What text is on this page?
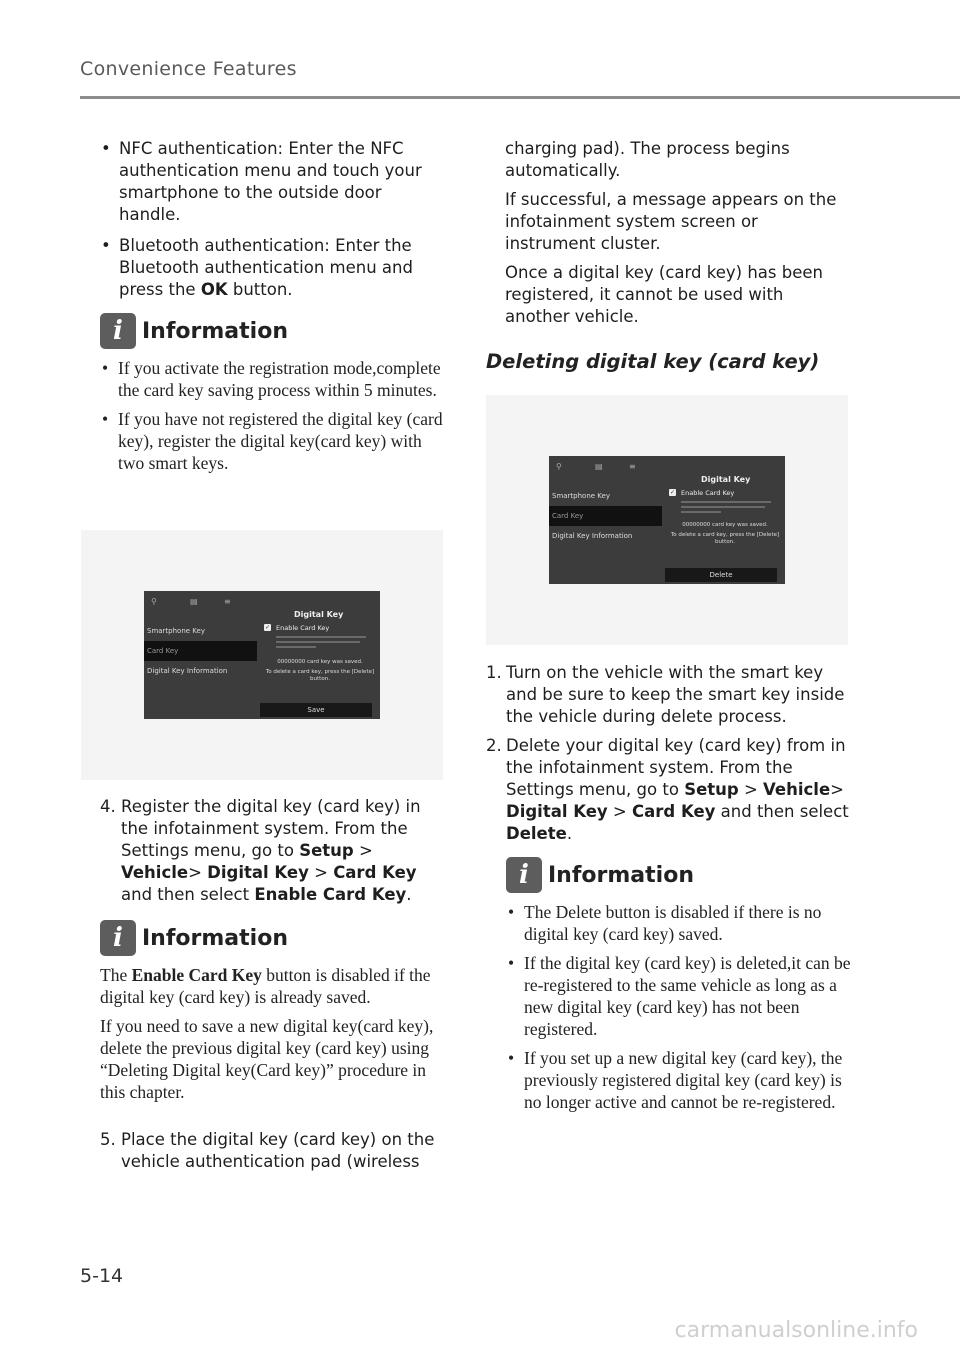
Convenience Features
• NFC authentication: Enter the NFC authentication menu and touch your smartphone to the outside door handle.
• Bluetooth authentication: Enter the Bluetooth authentication menu and press the OK button.
i Information
• If you activate the registration mode,complete the card key saving process within 5 minutes.
• If you have not registered the digital key (card key), register the digital key(card key) with two smart keys.
⚲	▤	≡
Smartphone Key
Card Key
Digital Key Information
Digital Key
✓ Enable Card Key
00000000 card key was saved.
To delete a card key, press the [Delete] button.
Save
4. Register the digital key (card key) in the infotainment system. From the Settings menu, go to Setup > Vehicle> Digital Key > Card Key and then select Enable Card Key.
i Information

The Enable Card Key button is disabled if the digital key (card key) is already saved.

If you need to save a new digital key(card key), delete the previous digital key (card key) using “Deleting Digital key(Card key)” procedure in this chapter.

5. Place the digital key (card key) on the vehicle authentication pad (wireless

charging pad). The process begins automatically.

If successful, a message appears on the infotainment system screen or instrument cluster.

Once a digital key (card key) has been registered, it cannot be used with another vehicle.

Deleting digital key (card key)
⚲	▤	≡
Smartphone Key
Card Key
Digital Key Information
Digital Key
✓ Enable Card Key
00000000 card key was saved.
To delete a card key, press the [Delete] button.
Delete
1. Turn on the vehicle with the smart key and be sure to keep the smart key inside the vehicle during delete process.
2. Delete your digital key (card key) from in the infotainment system. From the Settings menu, go to Setup > Vehicle> Digital Key > Card Key and then select Delete.
i Information
• The Delete button is disabled if there is no digital key (card key) saved.
• If the digital key (card key) is deleted,it can be re-registered to the same vehicle as long as a new digital key (card key) has not been registered.
• If you set up a new digital key (card key), the previously registered digital key (card key) is no longer active and cannot be re-registered.
5-14
carmanualsonline.info
